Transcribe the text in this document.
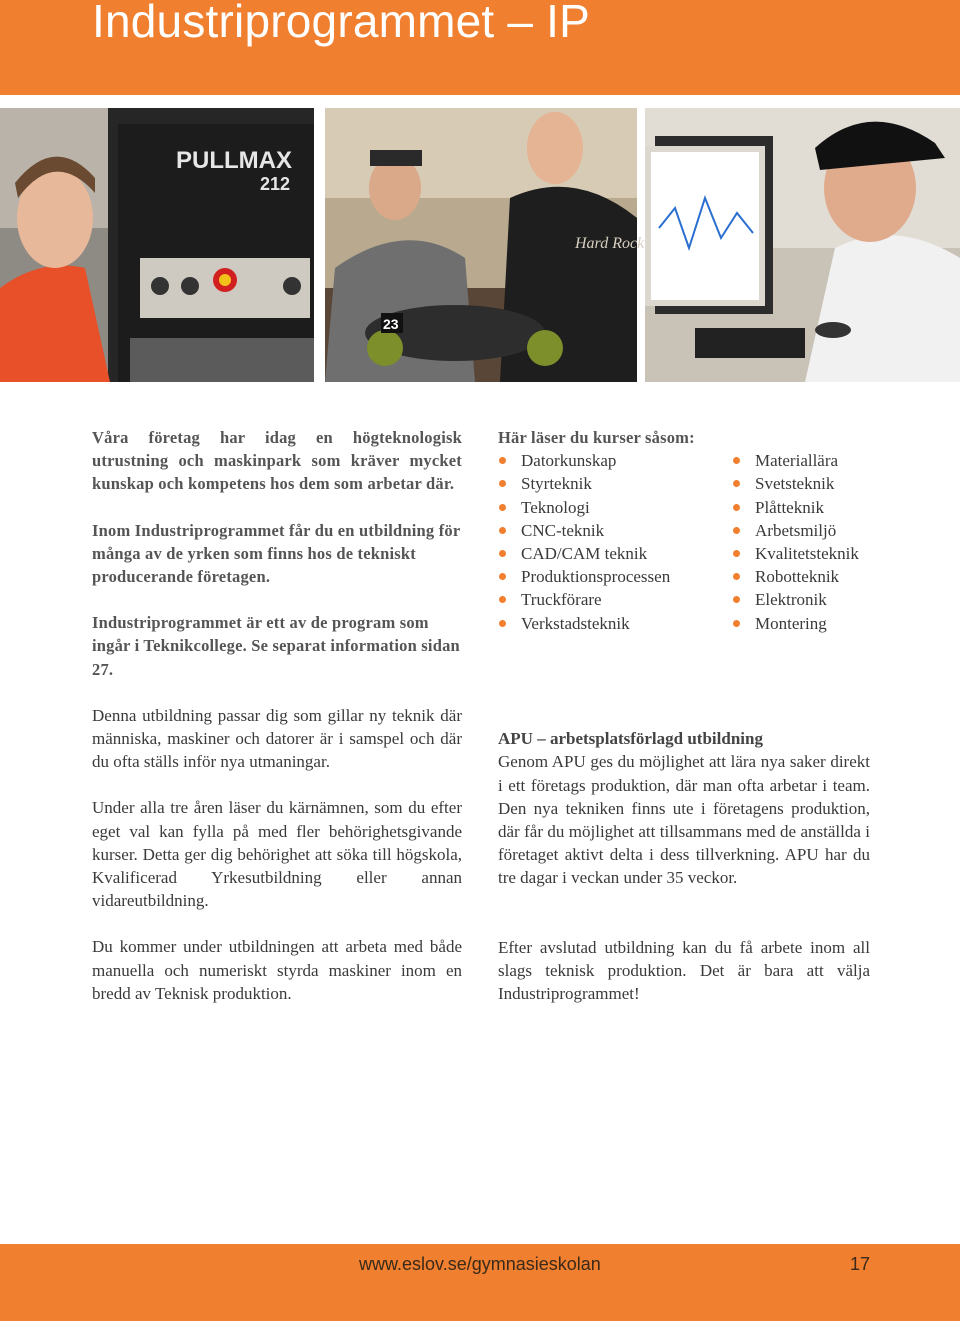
Industriprogrammet – IP
PULLMAX
212
Hard Rock
23

Våra företag har idag en högteknologisk utrustning och maskinpark som kräver mycket kunskap och kompetens hos dem som arbetar där.

Inom Industriprogrammet får du en utbildning för många av de yrken som finns hos de tekniskt producerande företagen.

Industriprogrammet är ett av de program som ingår i Teknikcollege. Se separat information sidan 27.

Denna utbildning passar dig som gillar ny teknik där människa, maskiner och datorer är i samspel och där du ofta ställs inför nya utmaningar.

Under alla tre åren läser du kärnämnen, som du efter eget val kan fylla på med fler behörighetsgivande kurser. Detta ger dig behörighet att söka till högskola, Kvalificerad Yrkesutbildning eller annan vidareutbildning.

Du kommer under utbildningen att arbeta med både manuella och numeriskt styrda maskiner inom en bredd av Teknisk produktion.

Här läser du kurser såsom:

Datorkunskap
Styrteknik
Teknologi
CNC-teknik
CAD/CAM teknik
Produktionsprocessen
Truckförare
Verkstadsteknik
Materiallära
Svetsteknik
Plåtteknik
Arbetsmiljö
Kvalitetsteknik
Robotteknik
Elektronik
Montering

APU – arbetsplatsförlagd utbildning

Genom APU ges du möjlighet att lära nya saker direkt i ett företags produktion, där man ofta arbetar i team. Den nya tekniken finns ute i företagens produktion, där får du möjlighet att tillsammans med de anställda i företaget aktivt delta i dess tillverkning. APU har du tre dagar i veckan under 35 veckor.

Efter avslutad utbildning kan du få arbete inom all slags teknisk produktion. Det är bara att välja Industriprogrammet!

www.eslov.se/gymnasieskolan	17
